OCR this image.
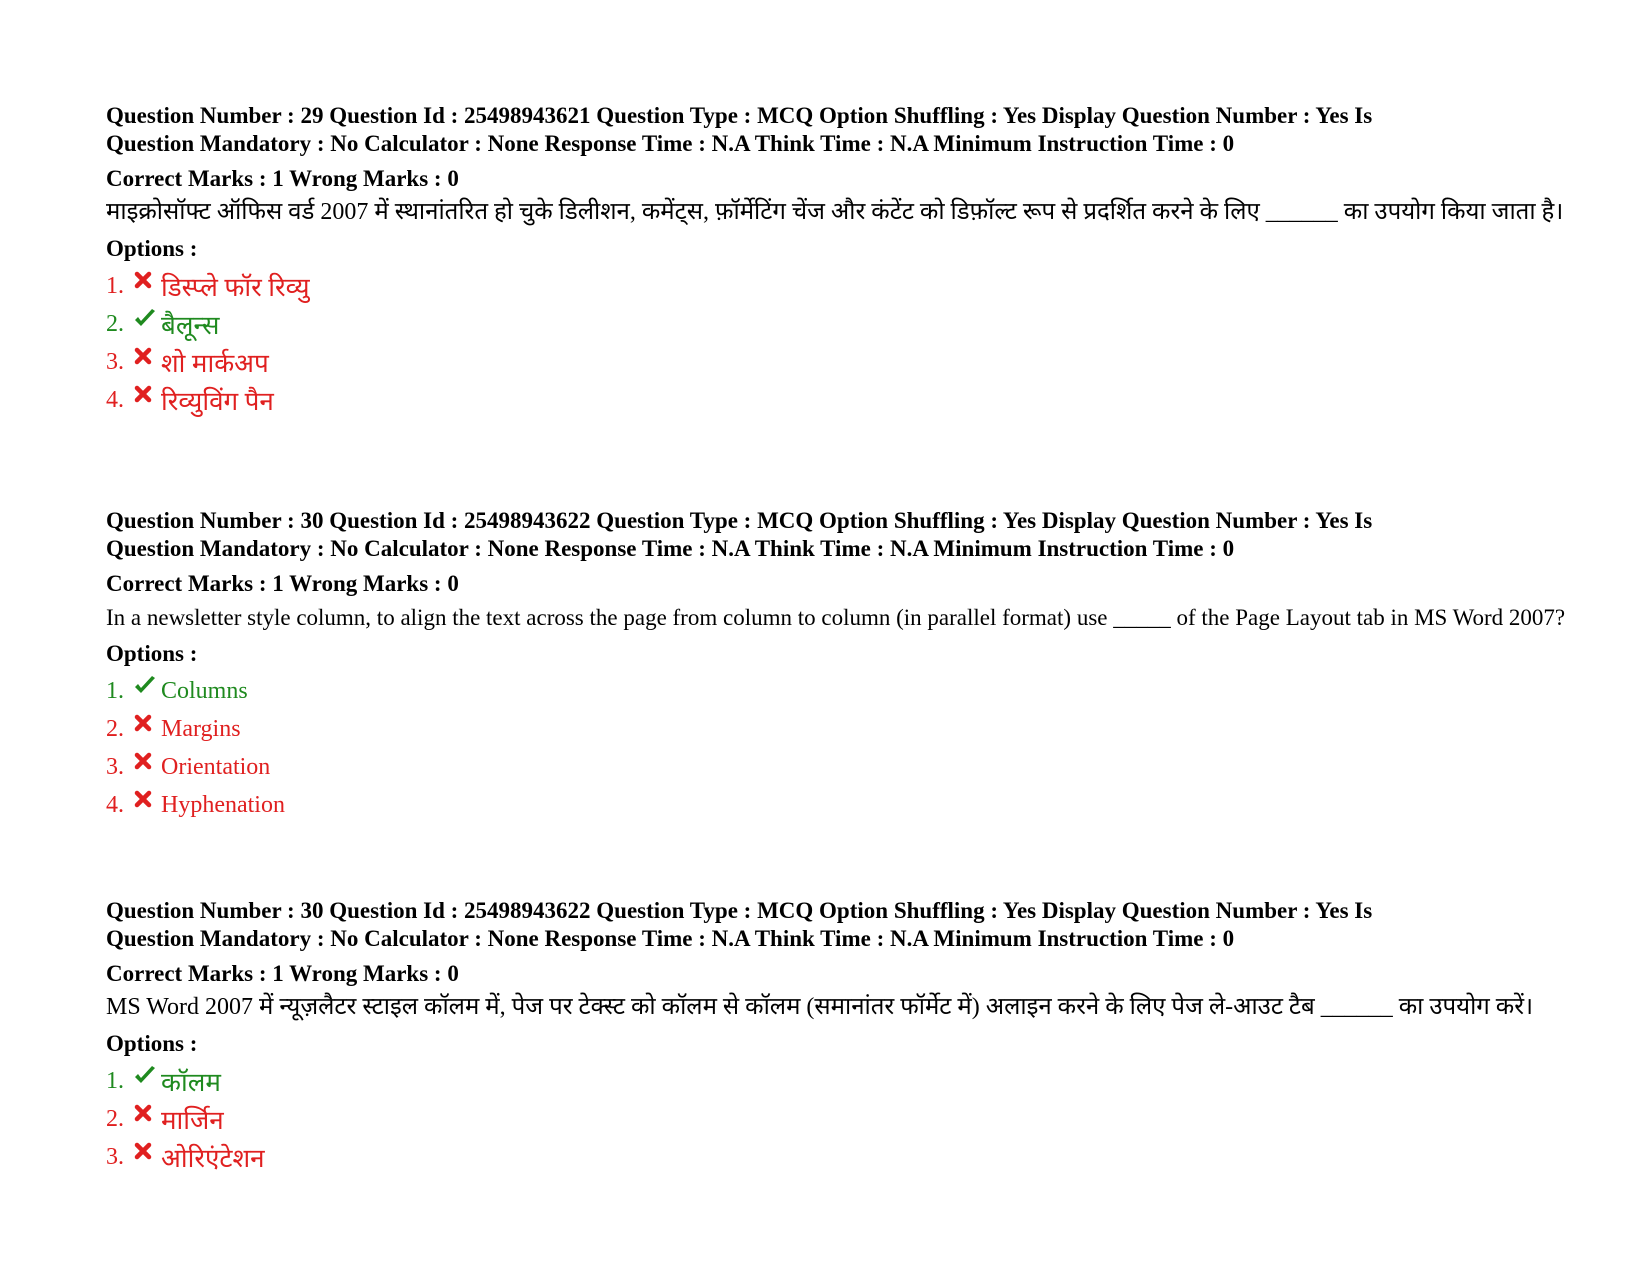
Question Number : 29 Question Id : 25498943621 Question Type : MCQ Option Shuffling : Yes Display Question Number : Yes Is
Question Mandatory : No Calculator : None Response Time : N.A Think Time : N.A Minimum Instruction Time : 0
Correct Marks : 1 Wrong Marks : 0
माइक्रोसॉफ्ट ऑफिस वर्ड 2007 में स्थानांतरित हो चुके डिलीशन, कमेंट्स, फ़ॉर्मेटिंग चेंज और कंटेंट को डिफ़ॉल्ट रूप से प्रदर्शित करने के लिए ______ का उपयोग किया जाता है।
Options :
1.	डिस्प्ले फॉर रिव्यु
2.	बैलून्स
3.	शो मार्कअप
4.	रिव्युविंग पैन
Question Number : 30 Question Id : 25498943622 Question Type : MCQ Option Shuffling : Yes Display Question Number : Yes Is
Question Mandatory : No Calculator : None Response Time : N.A Think Time : N.A Minimum Instruction Time : 0
Correct Marks : 1 Wrong Marks : 0
In a newsletter style column, to align the text across the page from column to column (in parallel format) use _____ of the Page Layout tab in MS Word 2007?
Options :
1.	Columns
2.	Margins
3.	Orientation
4.	Hyphenation
Question Number : 30 Question Id : 25498943622 Question Type : MCQ Option Shuffling : Yes Display Question Number : Yes Is
Question Mandatory : No Calculator : None Response Time : N.A Think Time : N.A Minimum Instruction Time : 0
Correct Marks : 1 Wrong Marks : 0
MS Word 2007 में न्यूज़लैटर स्टाइल कॉलम में, पेज पर टेक्स्ट को कॉलम से कॉलम (समानांतर फॉर्मेट में) अलाइन करने के लिए पेज ले-आउट टैब ______ का उपयोग करें।
Options :
1.	कॉलम
2.	मार्जिन
3.	ओरिएंटेशन
